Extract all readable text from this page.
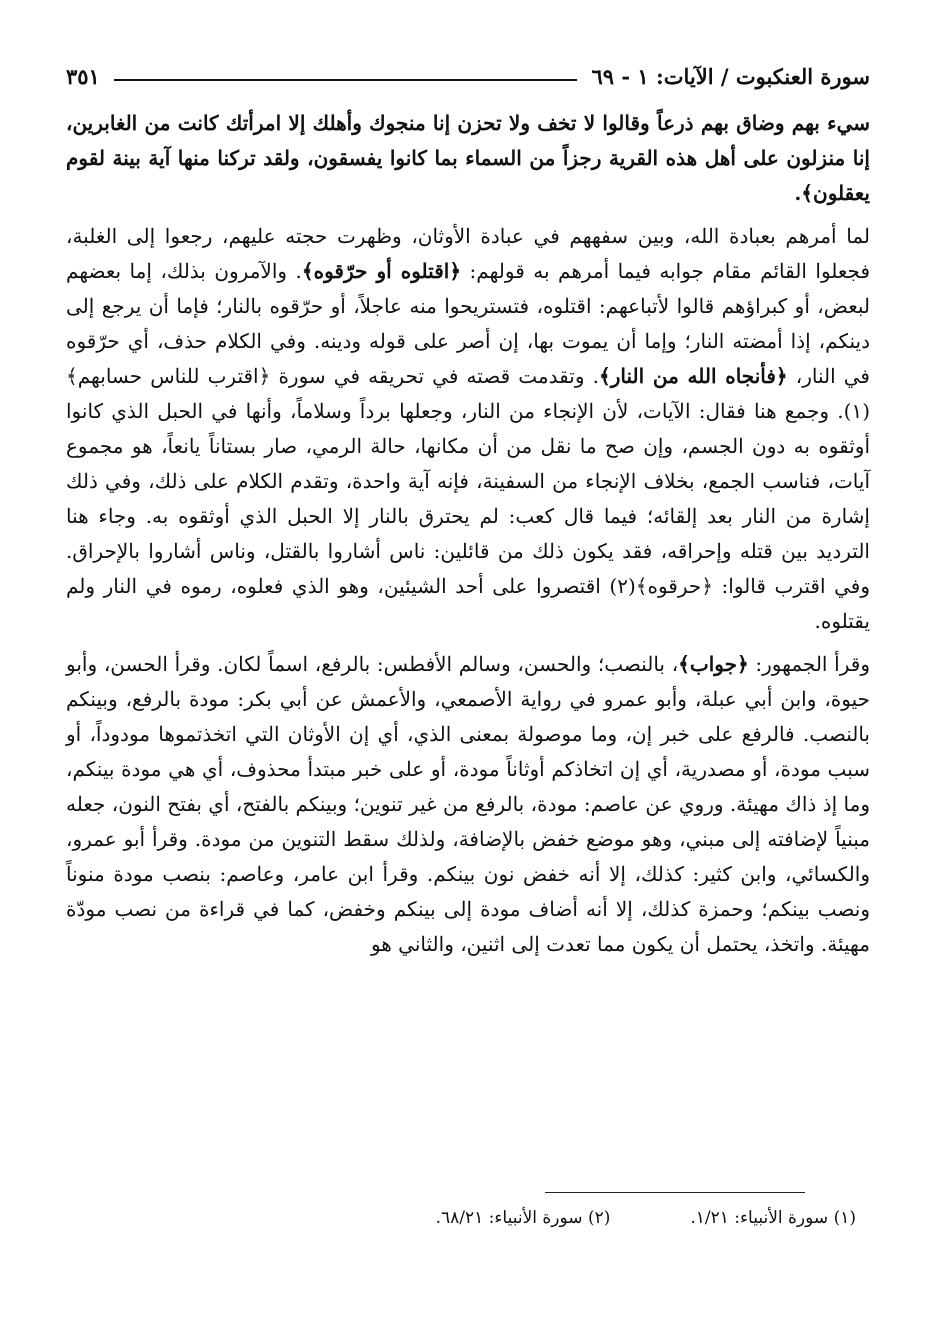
سورة العنكبوت / الآيات: ١ - ٦٩
٣٥١

سيء بهم وضاق بهم ذرعاً وقالوا لا تخف ولا تحزن إنا منجوك وأهلك إلا امرأتك كانت من الغابرين، إنا منزلون على أهل هذه القرية رجزاً من السماء بما كانوا يفسقون، ولقد تركنا منها آية بينة لقوم يعقلون﴾.

لما أمرهم بعبادة الله، وبين سفههم في عبادة الأوثان، وظهرت حجته عليهم، رجعوا إلى الغلبة، فجعلوا القائم مقام جوابه فيما أمرهم به قولهم: ﴿اقتلوه أو حرّقوه﴾. والآمرون بذلك، إما بعضهم لبعض، أو كبراؤهم قالوا لأتباعهم: اقتلوه، فتستريحوا منه عاجلاً، أو حرّقوه بالنار؛ فإما أن يرجع إلى دينكم، إذا أمضته النار؛ وإما أن يموت بها، إن أصر على قوله ودينه. وفي الكلام حذف، أي حرّقوه في النار، ﴿فأنجاه الله من النار﴾. وتقدمت قصته في تحريقه في سورة ﴿اقترب للناس حسابهم﴾(١). وجمع هنا فقال: الآيات، لأن الإنجاء من النار، وجعلها برداً وسلاماً، وأنها في الحبل الذي كانوا أوثقوه به دون الجسم، وإن صح ما نقل من أن مكانها، حالة الرمي، صار بستاناً يانعاً، هو مجموع آيات، فناسب الجمع، بخلاف الإنجاء من السفينة، فإنه آية واحدة، وتقدم الكلام على ذلك، وفي ذلك إشارة من النار بعد إلقائه؛ فيما قال كعب: لم يحترق بالنار إلا الحبل الذي أوثقوه به. وجاء هنا الترديد بين قتله وإحراقه، فقد يكون ذلك من قائلين: ناس أشاروا بالقتل، وناس أشاروا بالإحراق. وفي اقترب قالوا: ﴿حرقوه﴾(٢) اقتصروا على أحد الشيئين، وهو الذي فعلوه، رموه في النار ولم يقتلوه.

وقرأ الجمهور: ﴿جواب﴾، بالنصب؛ والحسن، وسالم الأفطس: بالرفع، اسماً لكان. وقرأ الحسن، وأبو حيوة، وابن أبي عبلة، وأبو عمرو في رواية الأصمعي، والأعمش عن أبي بكر: مودة بالرفع، وبينكم بالنصب. فالرفع على خبر إن، وما موصولة بمعنى الذي، أي إن الأوثان التي اتخذتموها مودوداً، أو سبب مودة، أو مصدرية، أي إن اتخاذكم أوثاناً مودة، أو على خبر مبتدأ محذوف، أي هي مودة بينكم، وما إذ ذاك مهيئة. وروي عن عاصم: مودة، بالرفع من غير تنوين؛ وبينكم بالفتح، أي بفتح النون، جعله مبنياً لإضافته إلى مبني، وهو موضع خفض بالإضافة، ولذلك سقط التنوين من مودة. وقرأ أبو عمرو، والكسائي، وابن كثير: كذلك، إلا أنه خفض نون بينكم. وقرأ ابن عامر، وعاصم: بنصب مودة منوناً ونصب بينكم؛ وحمزة كذلك، إلا أنه أضاف مودة إلى بينكم وخفض، كما في قراءة من نصب مودّة مهيئة. واتخذ، يحتمل أن يكون مما تعدت إلى اثنين، والثاني هو

(١) سورة الأنبياء: ١/٢١.
(٢) سورة الأنبياء: ٦٨/٢١.
